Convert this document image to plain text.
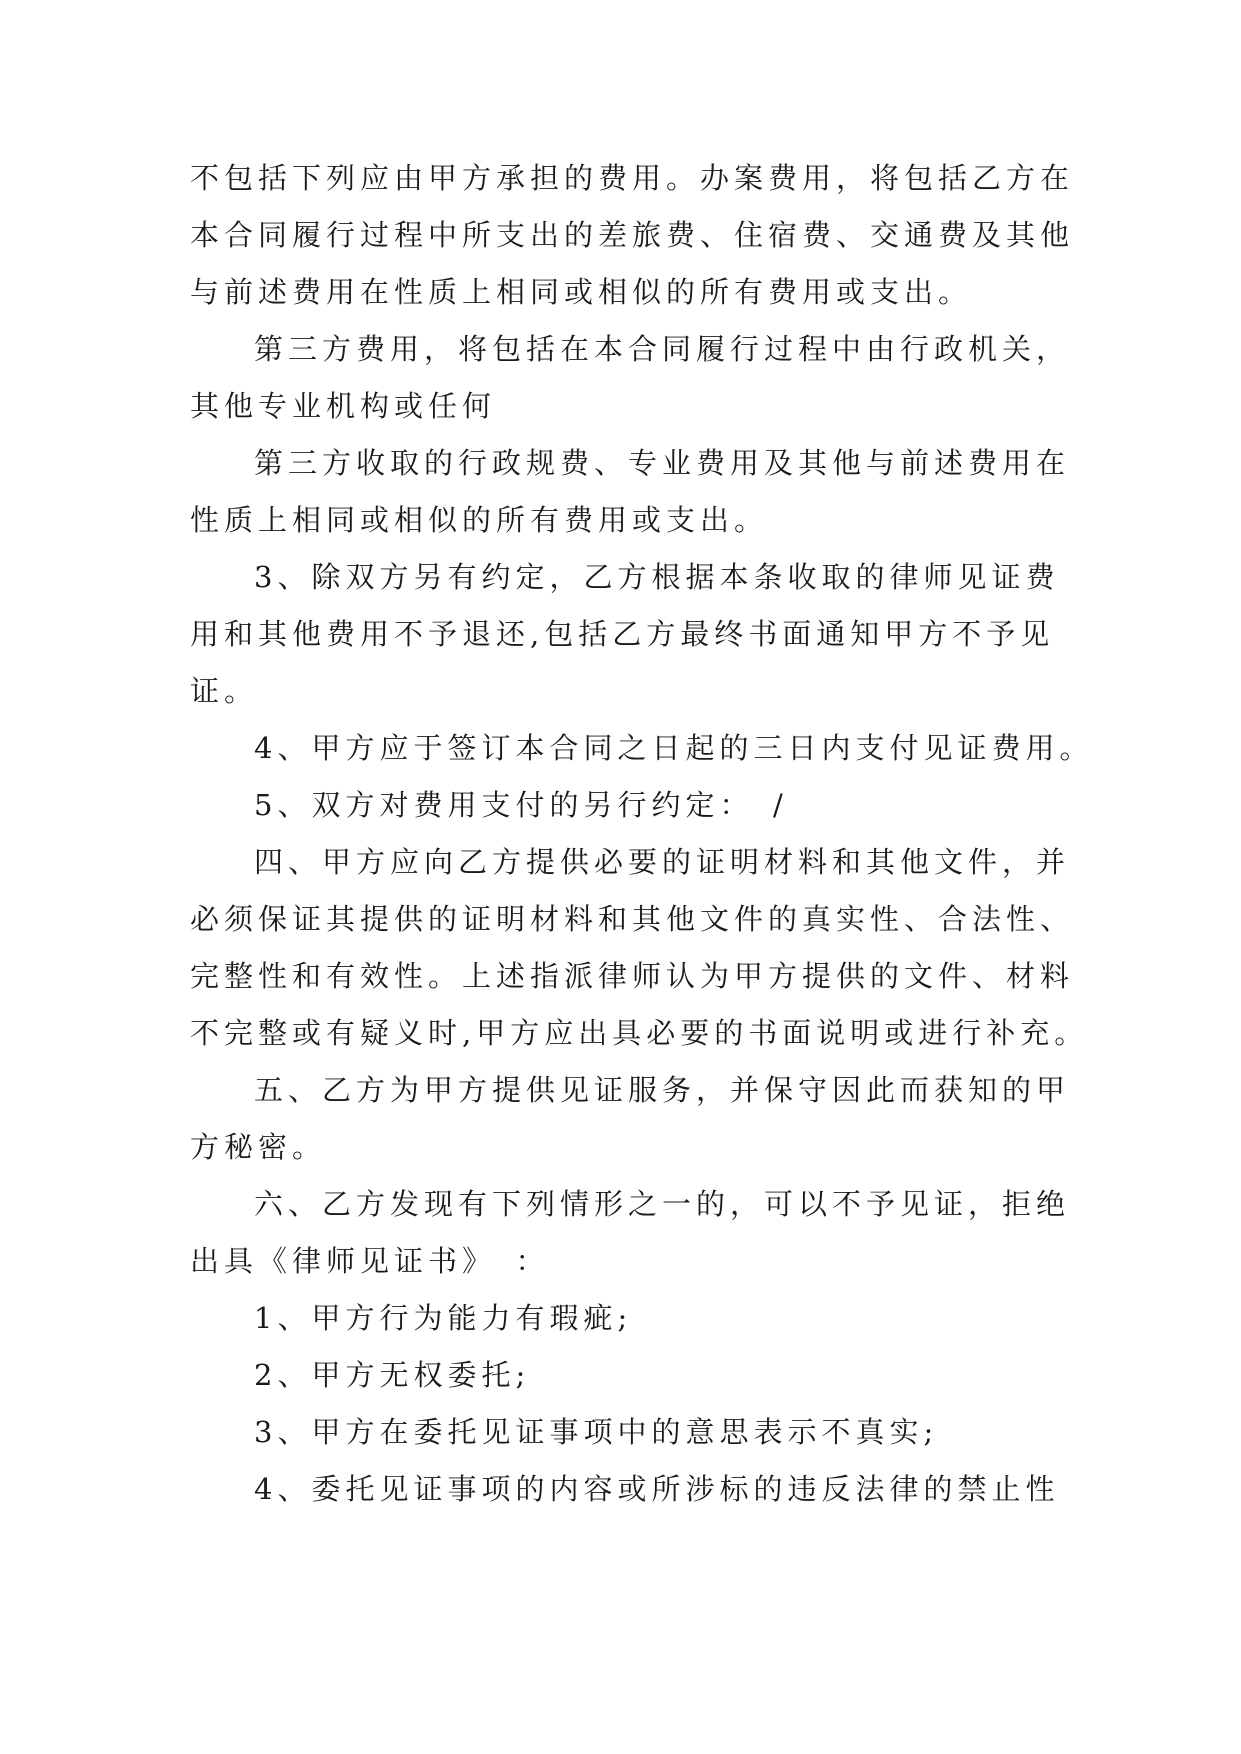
不包括下列应由甲方承担的费用。办案费用，将包括乙方在
本合同履行过程中所支出的差旅费、住宿费、交通费及其他
与前述费用在性质上相同或相似的所有费用或支出。
第三方费用，将包括在本合同履行过程中由行政机关，
其他专业机构或任何
第三方收取的行政规费、专业费用及其他与前述费用在
性质上相同或相似的所有费用或支出。
3、除双方另有约定，乙方根据本条收取的律师见证费
用和其他费用不予退还,包括乙方最终书面通知甲方不予见
证。
4、甲方应于签订本合同之日起的三日内支付见证费用。
5、双方对费用支付的另行约定：　/
四、甲方应向乙方提供必要的证明材料和其他文件，并
必须保证其提供的证明材料和其他文件的真实性、合法性、
完整性和有效性。上述指派律师认为甲方提供的文件、材料
不完整或有疑义时,甲方应出具必要的书面说明或进行补充。
五、乙方为甲方提供见证服务，并保守因此而获知的甲
方秘密。
六、乙方发现有下列情形之一的，可以不予见证，拒绝
出具《律师见证书》　：
1、甲方行为能力有瑕疵;
2、甲方无权委托;
3、甲方在委托见证事项中的意思表示不真实;
4、委托见证事项的内容或所涉标的违反法律的禁止性
